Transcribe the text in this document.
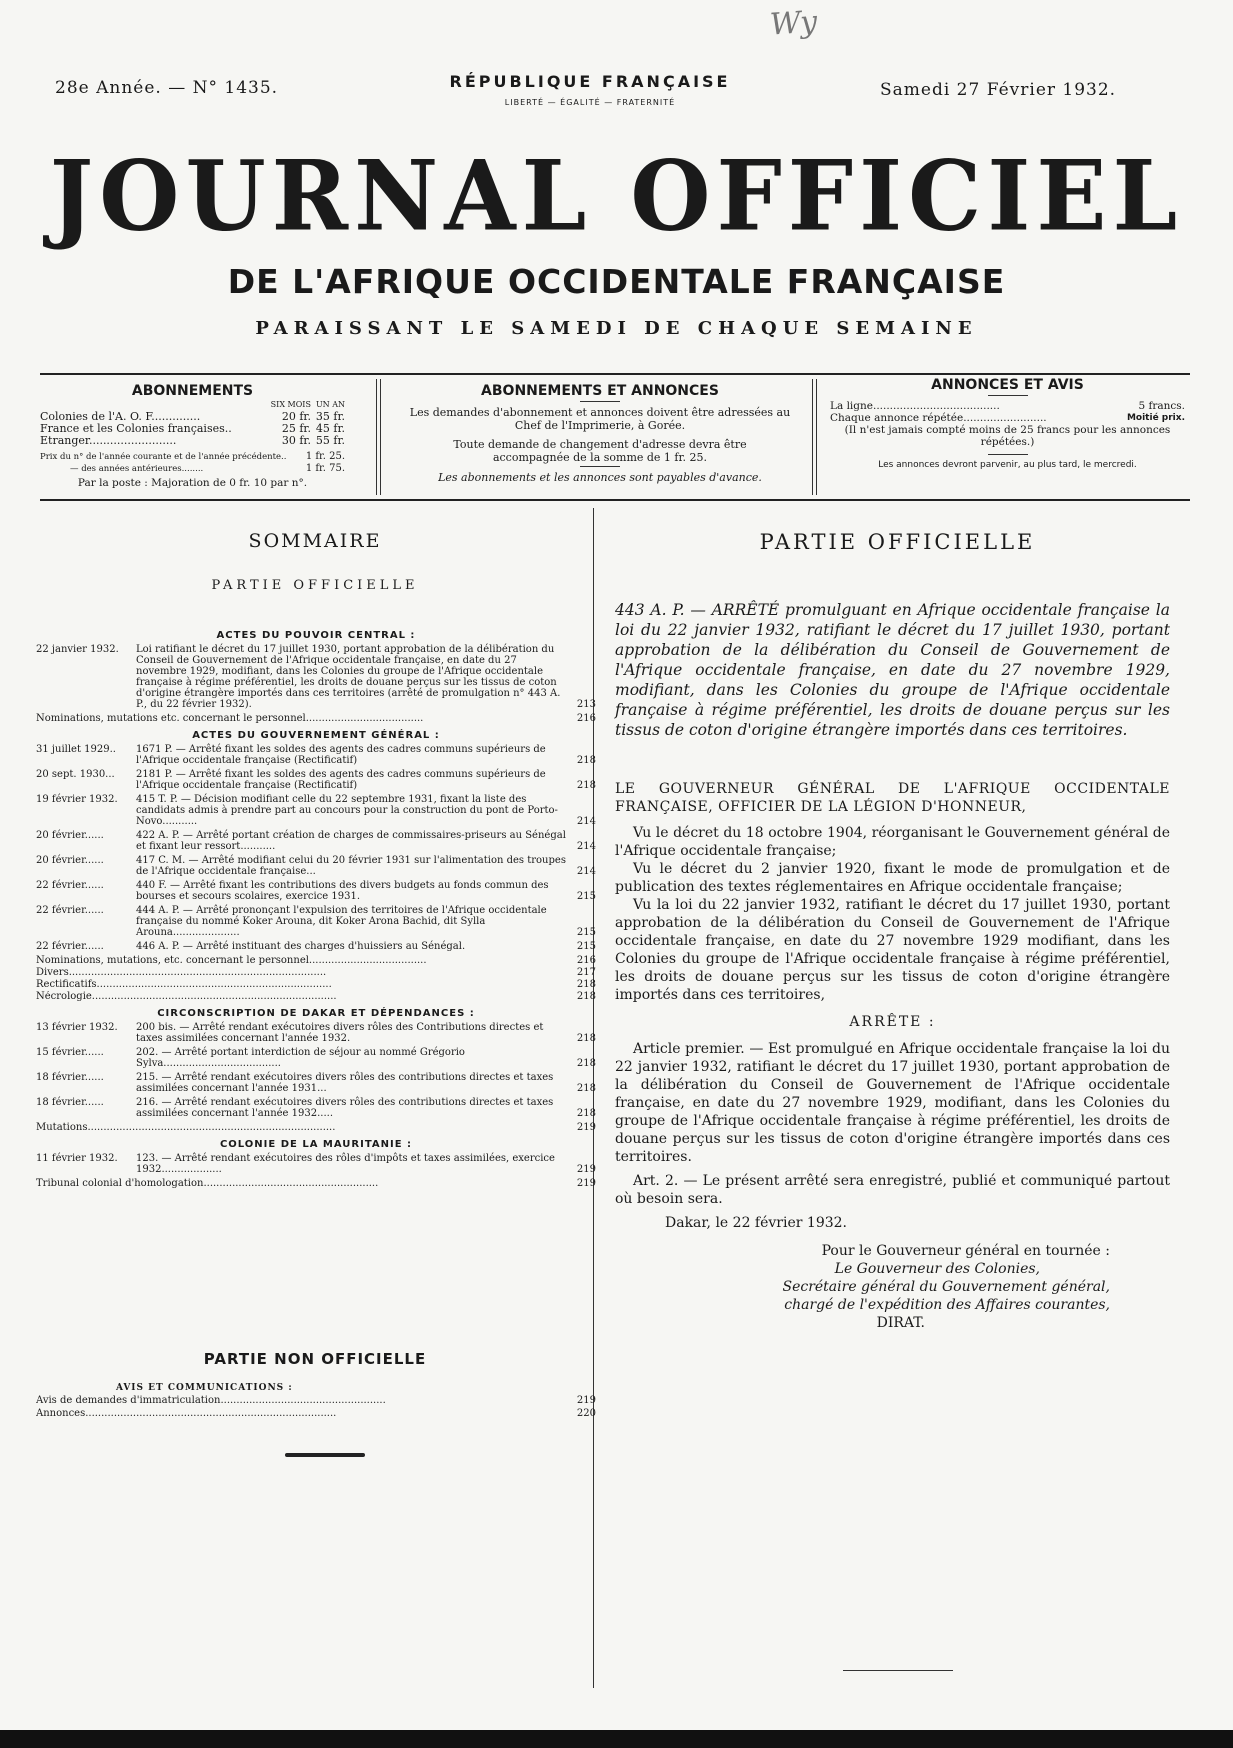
Wy
28e Année. — N° 1435.	RÉPUBLIQUE FRANÇAISE
LIBERTÉ — ÉGALITÉ — FRATERNITÉ
Samedi 27 Février 1932.
JOURNAL OFFICIEL
DE L'AFRIQUE OCCIDENTALE FRANÇAISE
PARAISSANT LE SAMEDI DE CHAQUE SEMAINE
ABONNEMENTS
	SIX MOIS	UN AN
Colonies de l'A. O. F..............	20 fr.	35 fr.
France et les Colonies françaises..	25 fr.	45 fr.
Etranger.........................	30 fr.	55 fr.
Prix du n° de l'année courante et de l'année précédente.. 1 fr. 25.
— des années antérieures........	1 fr. 75.
Par la poste : Majoration de 0 fr. 10 par n°.
ABONNEMENTS ET ANNONCES
Les demandes d'abonnement et annonces doivent être adressées au Chef de l'Imprimerie, à Gorée.
Toute demande de changement d'adresse devra être accompagnée de la somme de 1 fr. 25.
Les abonnements et les annonces sont payables d'avance.
ANNONCES ET AVIS
La ligne......................................	5 francs.
Chaque annonce répétée.........................	Moitié prix.
(Il n'est jamais compté moins de 25 francs pour les annonces répétées.)
Les annonces devront parvenir, au plus tard, le mercredi.
SOMMAIRE
PARTIE OFFICIELLE
ACTES DU POUVOIR CENTRAL :
22 janvier 1932.	Loi ratifiant le décret du 17 juillet 1930, portant approbation de la délibération du Conseil de Gouvernement de l'Afrique occidentale française, en date du 27 novembre 1929, modifiant, dans les Colonies du groupe de l'Afrique occidentale française à régime préférentiel, les droits de douane perçus sur les tissus de coton d'origine étrangère importés dans ces territoires (arrêté de promulgation n° 443 A. P., du 22 février 1932).	213
Nominations, mutations etc. concernant le personnel.....................................	216
ACTES DU GOUVERNEMENT GÉNÉRAL :
31 juillet 1929..	1671 P. — Arrêté fixant les soldes des agents des cadres communs supérieurs de l'Afrique occidentale française (Rectificatif)	218
20 sept. 1930...	2181 P. — Arrêté fixant les soldes des agents des cadres communs supérieurs de l'Afrique occidentale française (Rectificatif)	218
19 février 1932.	415 T. P. — Décision modifiant celle du 22 septembre 1931, fixant la liste des candidats admis à prendre part au concours pour la construction du pont de Porto-Novo...........	214
20 février......	422 A. P. — Arrêté portant création de charges de commissaires-priseurs au Sénégal et fixant leur ressort...........	214
20 février......	417 C. M. — Arrêté modifiant celui du 20 février 1931 sur l'alimentation des troupes de l'Afrique occidentale française...	214
22 février......	440 F. — Arrêté fixant les contributions des divers budgets au fonds commun des bourses et secours scolaires, exercice 1931.	215
22 février......	444 A. P. — Arrêté prononçant l'expulsion des territoires de l'Afrique occidentale française du nommé Koker Arouna, dit Koker Arona Bachid, dit Sylla Arouna.....................	215
22 février......	446 A. P. — Arrêté instituant des charges d'huissiers au Sénégal.	215
Nominations, mutations, etc. concernant le personnel.....................................	216
Divers.................................................................................	217
Rectificatifs..........................................................................	218
Nécrologie.............................................................................	218
CIRCONSCRIPTION DE DAKAR ET DÉPENDANCES :
13 février 1932.	200 bis. — Arrêté rendant exécutoires divers rôles des Contributions directes et taxes assimilées concernant l'année 1932.	218
15 février......	202. — Arrêté portant interdiction de séjour au nommé Grégorio Sylva.....................................	218
18 février......	215. — Arrêté rendant exécutoires divers rôles des contributions directes et taxes assimilées concernant l'année 1931...	218
18 février......	216. — Arrêté rendant exécutoires divers rôles des contributions directes et taxes assimilées concernant l'année 1932.....	218
Mutations..............................................................................	219
COLONIE DE LA MAURITANIE :
11 février 1932.	123. — Arrêté rendant exécutoires des rôles d'impôts et taxes assimilées, exercice 1932...................	219
Tribunal colonial d'homologation.......................................................	219
PARTIE NON OFFICIELLE
AVIS ET COMMUNICATIONS :
Avis de demandes d'immatriculation....................................................	219
Annonces...............................................................................	220
PARTIE OFFICIELLE
443 A. P. — ARRÊTÉ promulguant en Afrique occidentale française la loi du 22 janvier 1932, ratifiant le décret du 17 juillet 1930, portant approbation de la délibération du Conseil de Gouvernement de l'Afrique occidentale française, en date du 27 novembre 1929, modifiant, dans les Colonies du groupe de l'Afrique occidentale française à régime préférentiel, les droits de douane perçus sur les tissus de coton d'origine étrangère importés dans ces territoires.
LE GOUVERNEUR GÉNÉRAL DE L'AFRIQUE OCCIDENTALE FRANÇAISE, OFFICIER DE LA LÉGION D'HONNEUR,
Vu le décret du 18 octobre 1904, réorganisant le Gouvernement général de l'Afrique occidentale française;
Vu le décret du 2 janvier 1920, fixant le mode de promulgation et de publication des textes réglementaires en Afrique occidentale française;
Vu la loi du 22 janvier 1932, ratifiant le décret du 17 juillet 1930, portant approbation de la délibération du Conseil de Gouvernement de l'Afrique occidentale française, en date du 27 novembre 1929 modifiant, dans les Colonies du groupe de l'Afrique occidentale française à régime préférentiel, les droits de douane perçus sur les tissus de coton d'origine étrangère importés dans ces territoires,
ARRÊTE :
Article premier. — Est promulgué en Afrique occidentale française la loi du 22 janvier 1932, ratifiant le décret du 17 juillet 1930, portant approbation de la délibération du Conseil de Gouvernement de l'Afrique occidentale française, en date du 27 novembre 1929, modifiant, dans les Colonies du groupe de l'Afrique occidentale française à régime préférentiel, les droits de douane perçus sur les tissus de coton d'origine étrangère importés dans ces territoires.
Art. 2. — Le présent arrêté sera enregistré, publié et communiqué partout où besoin sera.
Dakar, le 22 février 1932.
Pour le Gouverneur général en tournée :
Le Gouverneur des Colonies,
Secrétaire général du Gouvernement général,
chargé de l'expédition des Affaires courantes,
DIRAT.
